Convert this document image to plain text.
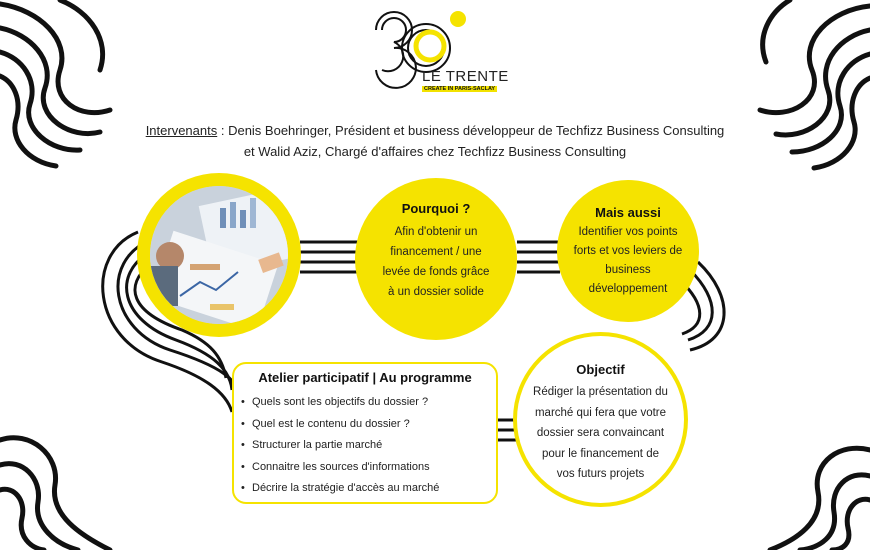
LE TRENTE
CREATE IN PARIS-SACLAY
Intervenants : Denis Boehringer, Président et business développeur de Techfizz Business Consulting
et Walid Aziz, Chargé d'affaires chez Techfizz Business Consulting
Pourquoi ?
Afin d'obtenir un
financement / une
levée de fonds grâce
à un dossier solide
Mais aussi
Identifier vos points
forts et vos leviers de
business
développement
Objectif
Rédiger la présentation du
marché qui fera que votre
dossier sera convaincant
pour le financement de
vos futurs projets
Atelier participatif | Au programme
• Quels sont les objectifs du dossier ?
• Quel est le contenu du dossier ?
• Structurer la partie marché
• Connaitre les sources d'informations
• Décrire la stratégie d'accès au marché
